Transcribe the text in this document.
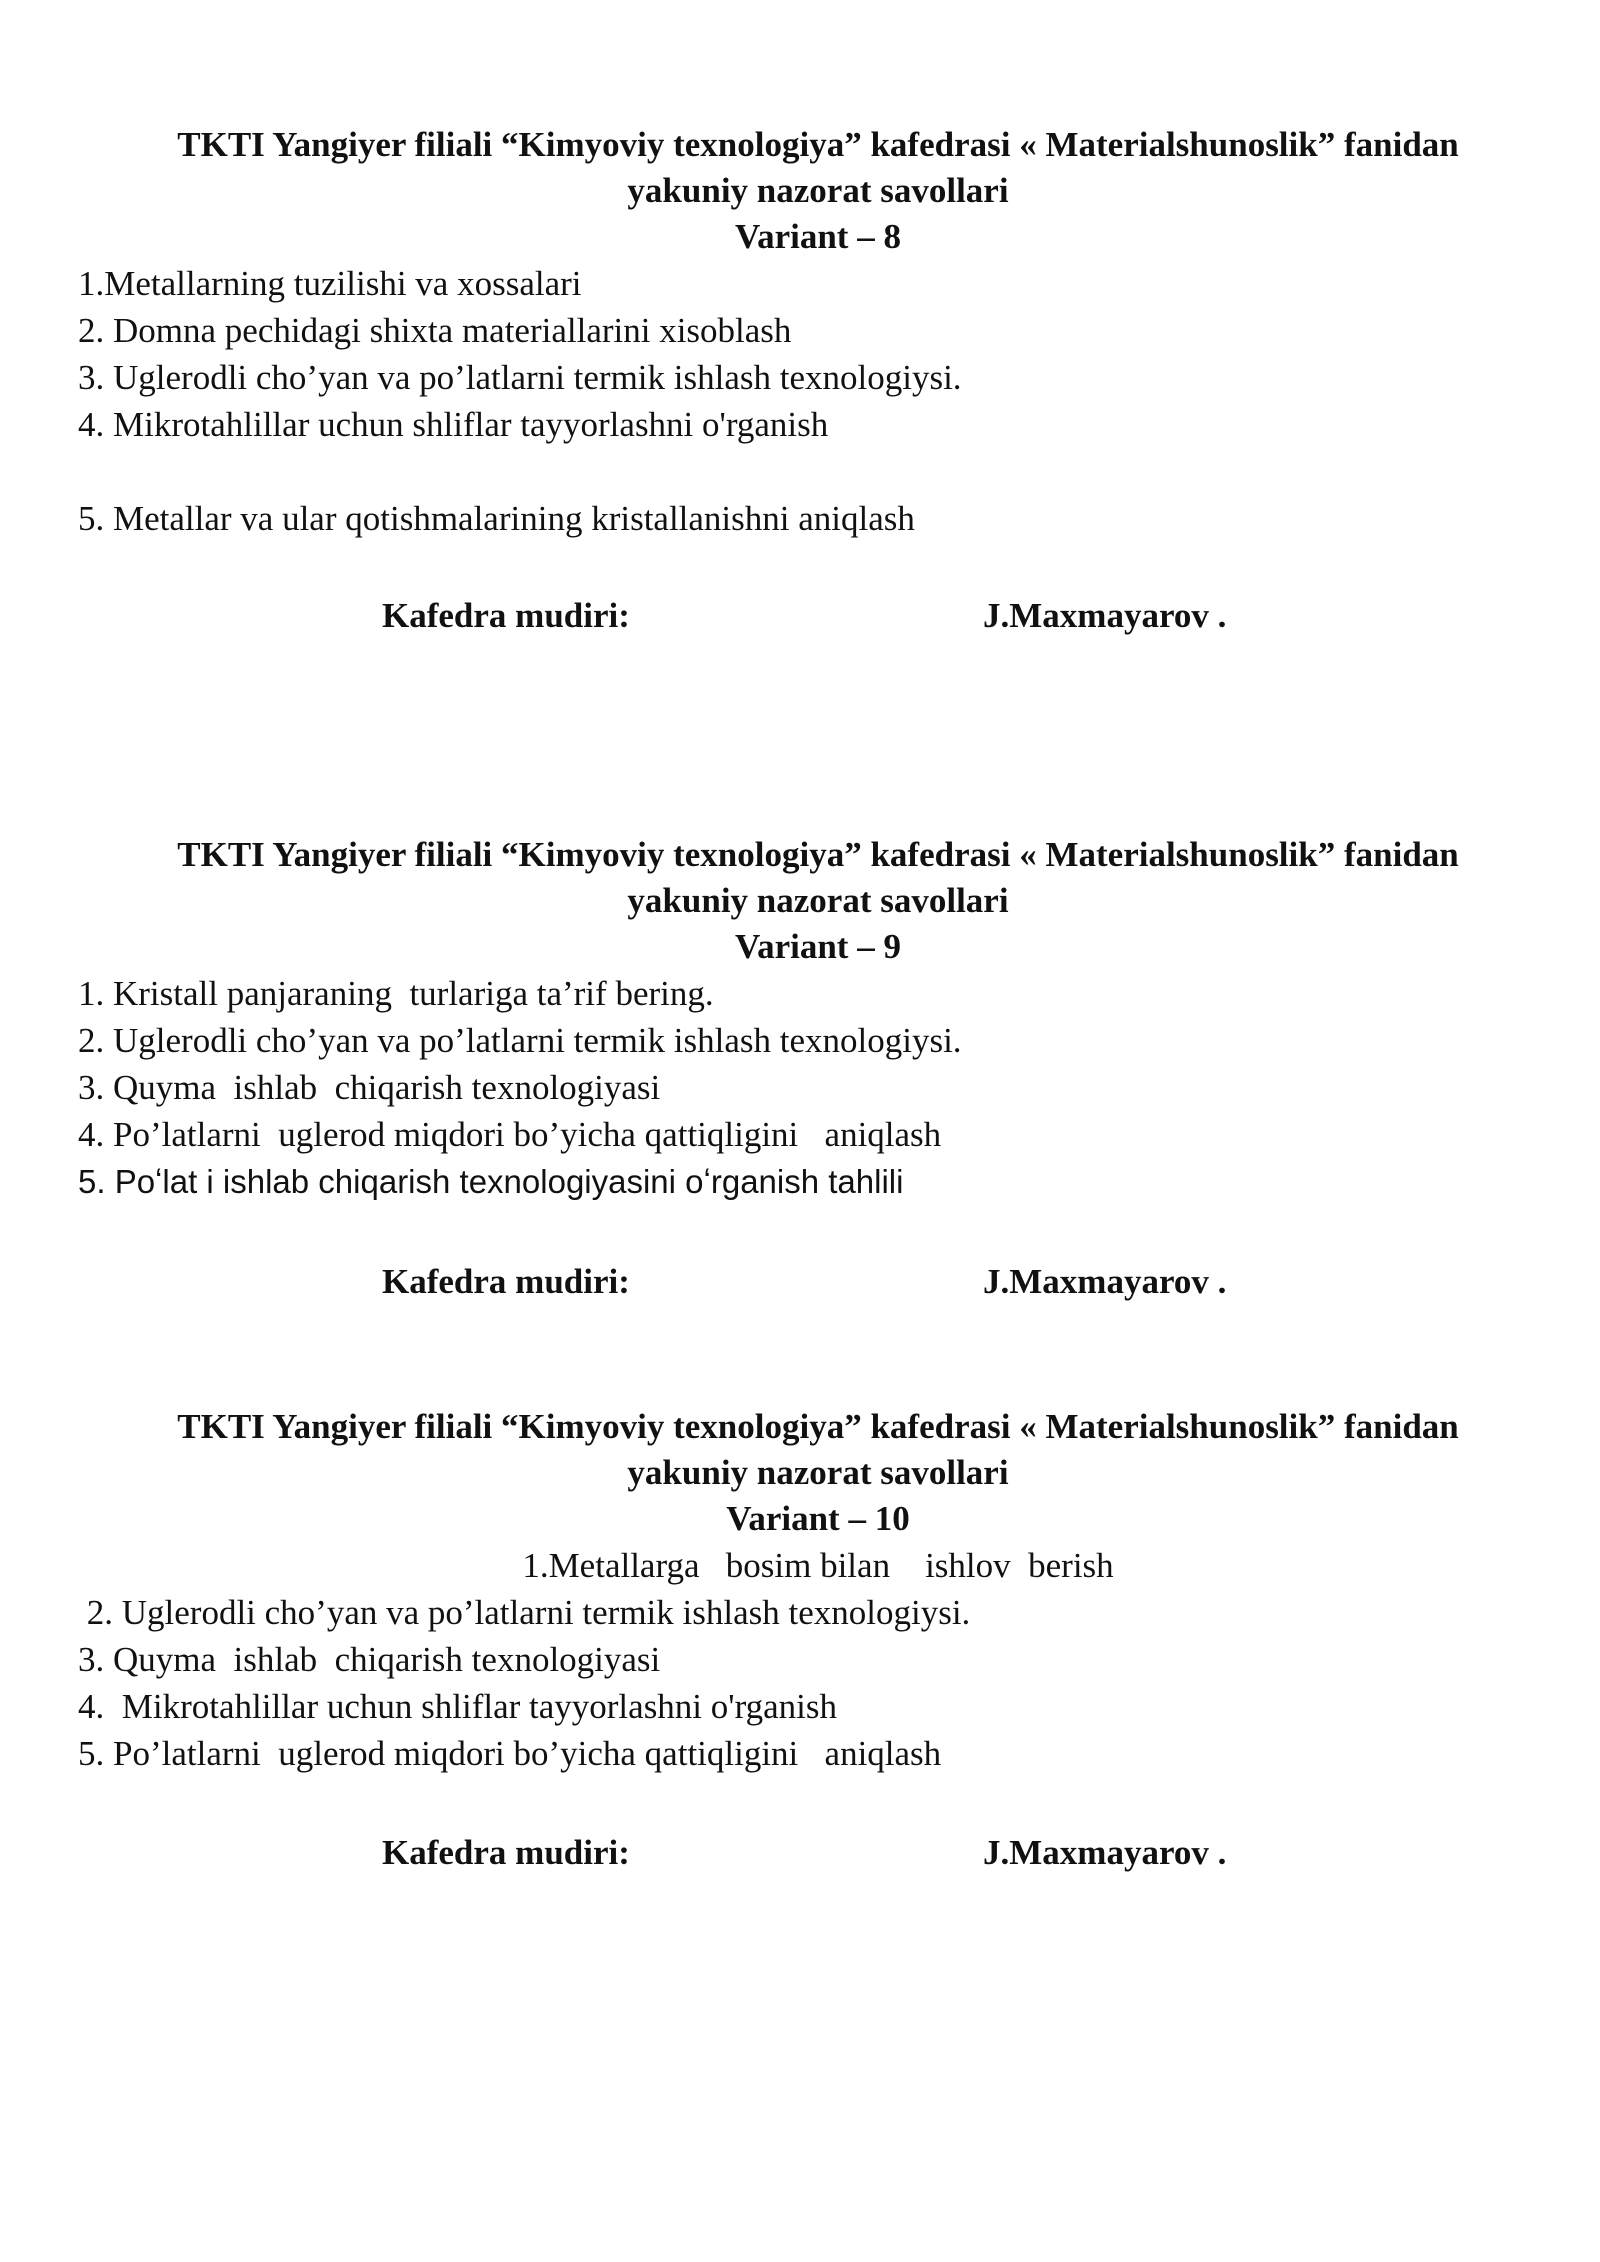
TKTI Yangiyer filiali “Kimyoviy texnologiya” kafedrasi « Materialshunoslik” fanidan

yakuniy nazorat savollari

Variant – 8

1.Metallarning tuzilishi va xossalari

2. Domna pechidagi shixta materiallarini xisoblash

3. Uglerodli cho’yan va po’latlarni termik ishlash texnologiysi.

4. Mikrotahlillar uchun shliflar tayyorlashni o'rganish

5. Metallar va ular qotishmalarining kristallanishni aniqlash

Kafedra mudiri:	J.Maxmayarov .

TKTI Yangiyer filiali “Kimyoviy texnologiya” kafedrasi « Materialshunoslik” fanidan

yakuniy nazorat savollari

Variant – 9

1. Kristall panjaraning  turlariga ta’rif bering.

2. Uglerodli cho’yan va po’latlarni termik ishlash texnologiysi.

3. Quyma  ishlab  chiqarish texnologiyasi

4. Po’latlarni  uglerod miqdori bo’yicha qattiqligini   aniqlash

5. Poʻlat i ishlab chiqarish texnologiyasini oʻrganish tahlili

Kafedra mudiri:	J.Maxmayarov .

TKTI Yangiyer filiali “Kimyoviy texnologiya” kafedrasi « Materialshunoslik” fanidan

yakuniy nazorat savollari

Variant – 10

1.Metallarga   bosim bilan    ishlov  berish

2. Uglerodli cho’yan va po’latlarni termik ishlash texnologiysi.

3. Quyma  ishlab  chiqarish texnologiyasi

4.  Mikrotahlillar uchun shliflar tayyorlashni o'rganish

5. Po’latlarni  uglerod miqdori bo’yicha qattiqligini   aniqlash

Kafedra mudiri:	J.Maxmayarov .
